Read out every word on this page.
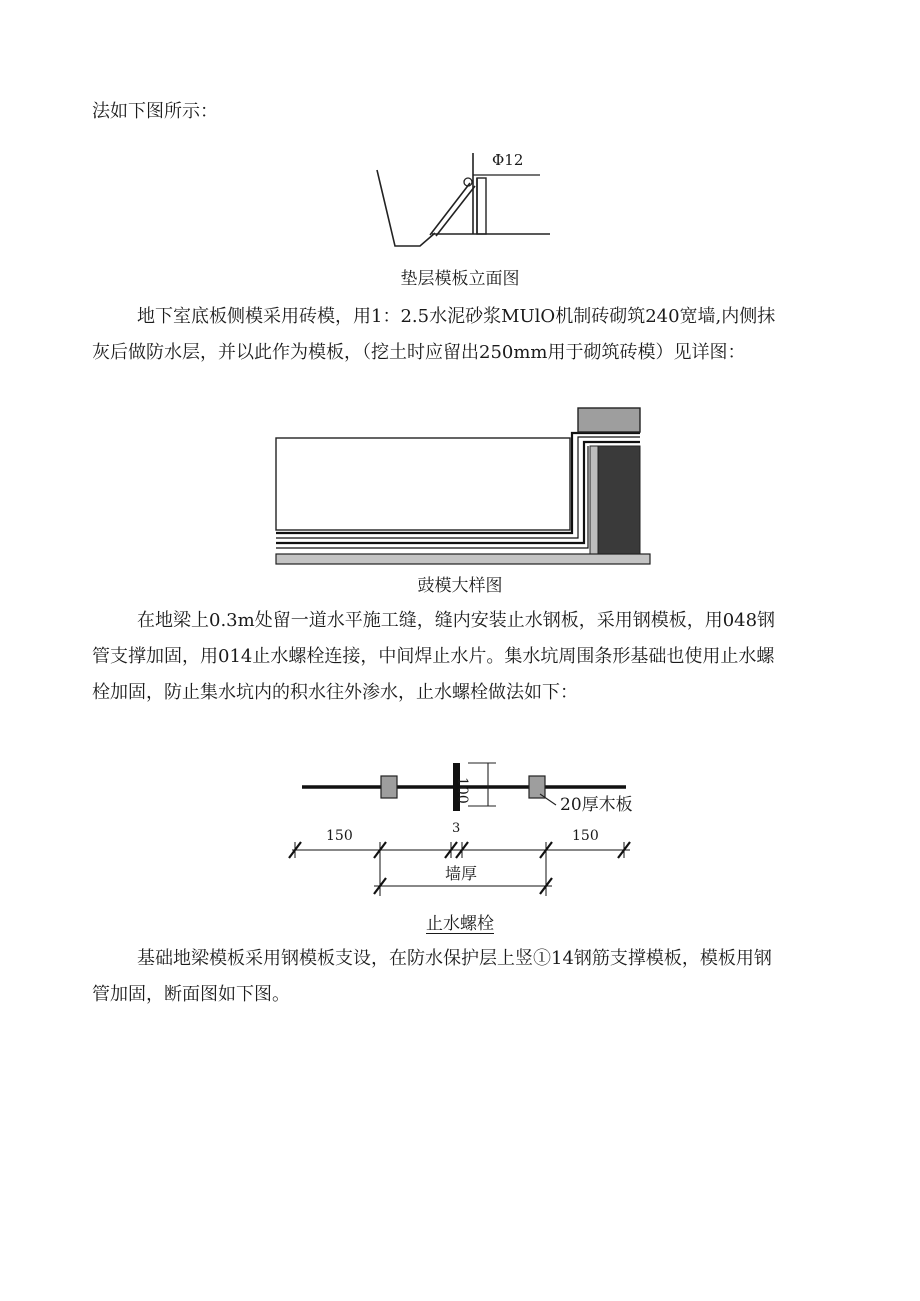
法如下图所示：
Φ12
垫层模板立面图
地下室底板侧模采用砖模，用1：2.5水泥砂浆MUlO机制砖砌筑240宽墙,内侧抹
灰后做防水层，并以此作为模板，（挖土时应留出250mm用于砌筑砖模）见详图：
豉模大样图
在地梁上0.3m处留一道水平施工缝，缝内安装止水钢板，采用钢模板，用048钢
管支撑加固，用014止水螺栓连接，中间焊止水片。集水坑周围条形基础也使用止水螺
栓加固，防止集水坑内的积水往外渗水，止水螺栓做法如下：
100
20厚木板
150	3	150
墙厚
止水螺栓
基础地梁模板采用钢模板支设，在防水保护层上竖①14钢筋支撑模板，模板用钢
管加固，断面图如下图。
